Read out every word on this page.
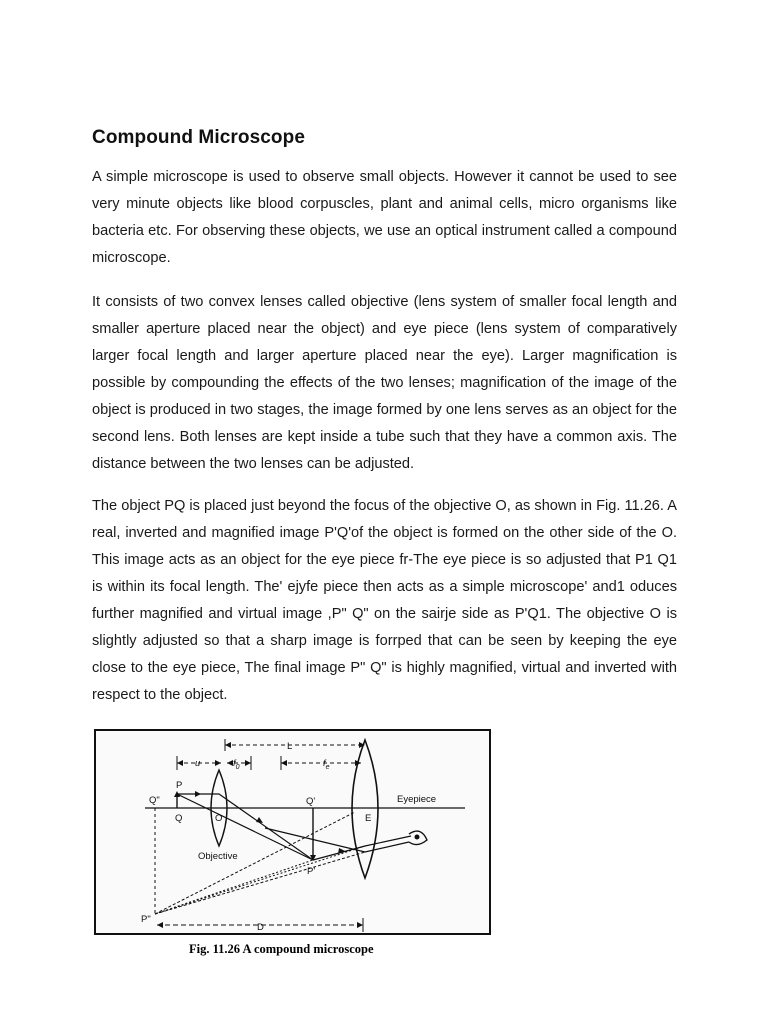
Compound Microscope

A simple microscope is used to observe small objects. However it cannot be used to see very minute objects like blood corpuscles, plant and animal cells, micro organisms like bacteria etc. For observing these objects, we use an optical instrument called a compound microscope.

It consists of two convex lenses called objective (lens system of smaller focal length and smaller aperture placed near the object) and eye piece (lens system of comparatively larger focal length and larger aperture placed near the eye). Larger magnification is possible by compounding the effects of the two lenses; magnification of the image of the object is produced in two stages, the image formed by one lens serves as an object for the second lens. Both lenses are kept inside a tube such that they have a common axis. The distance between the two lenses can be adjusted.

The object PQ is placed just beyond the focus of the objective O, as shown in Fig. 11.26. A real, inverted and magnified image P'Q'of the object is formed on the other side of the O. This image acts as an object for the eye piece fr-The eye piece is so adjusted that P1 Q1 is within its focal length. The' ejyfe piece then acts as a simple microscope' and1 oduces further magnified and virtual image ,P" Q" on the sairje side as P'Q1. The objective O is slightly adjusted so that a sharp image is forrped that can be seen by keeping the eye close to the eye piece, The final image P" Q" is highly magnified, virtual and inverted with respect to the object.

L
u	$f_0$	$f_e$
P
Q
Q"
O
Q'
P'
E
Eyepiece
Objective
P"
D
Fig. 11.26 A compound microscope
